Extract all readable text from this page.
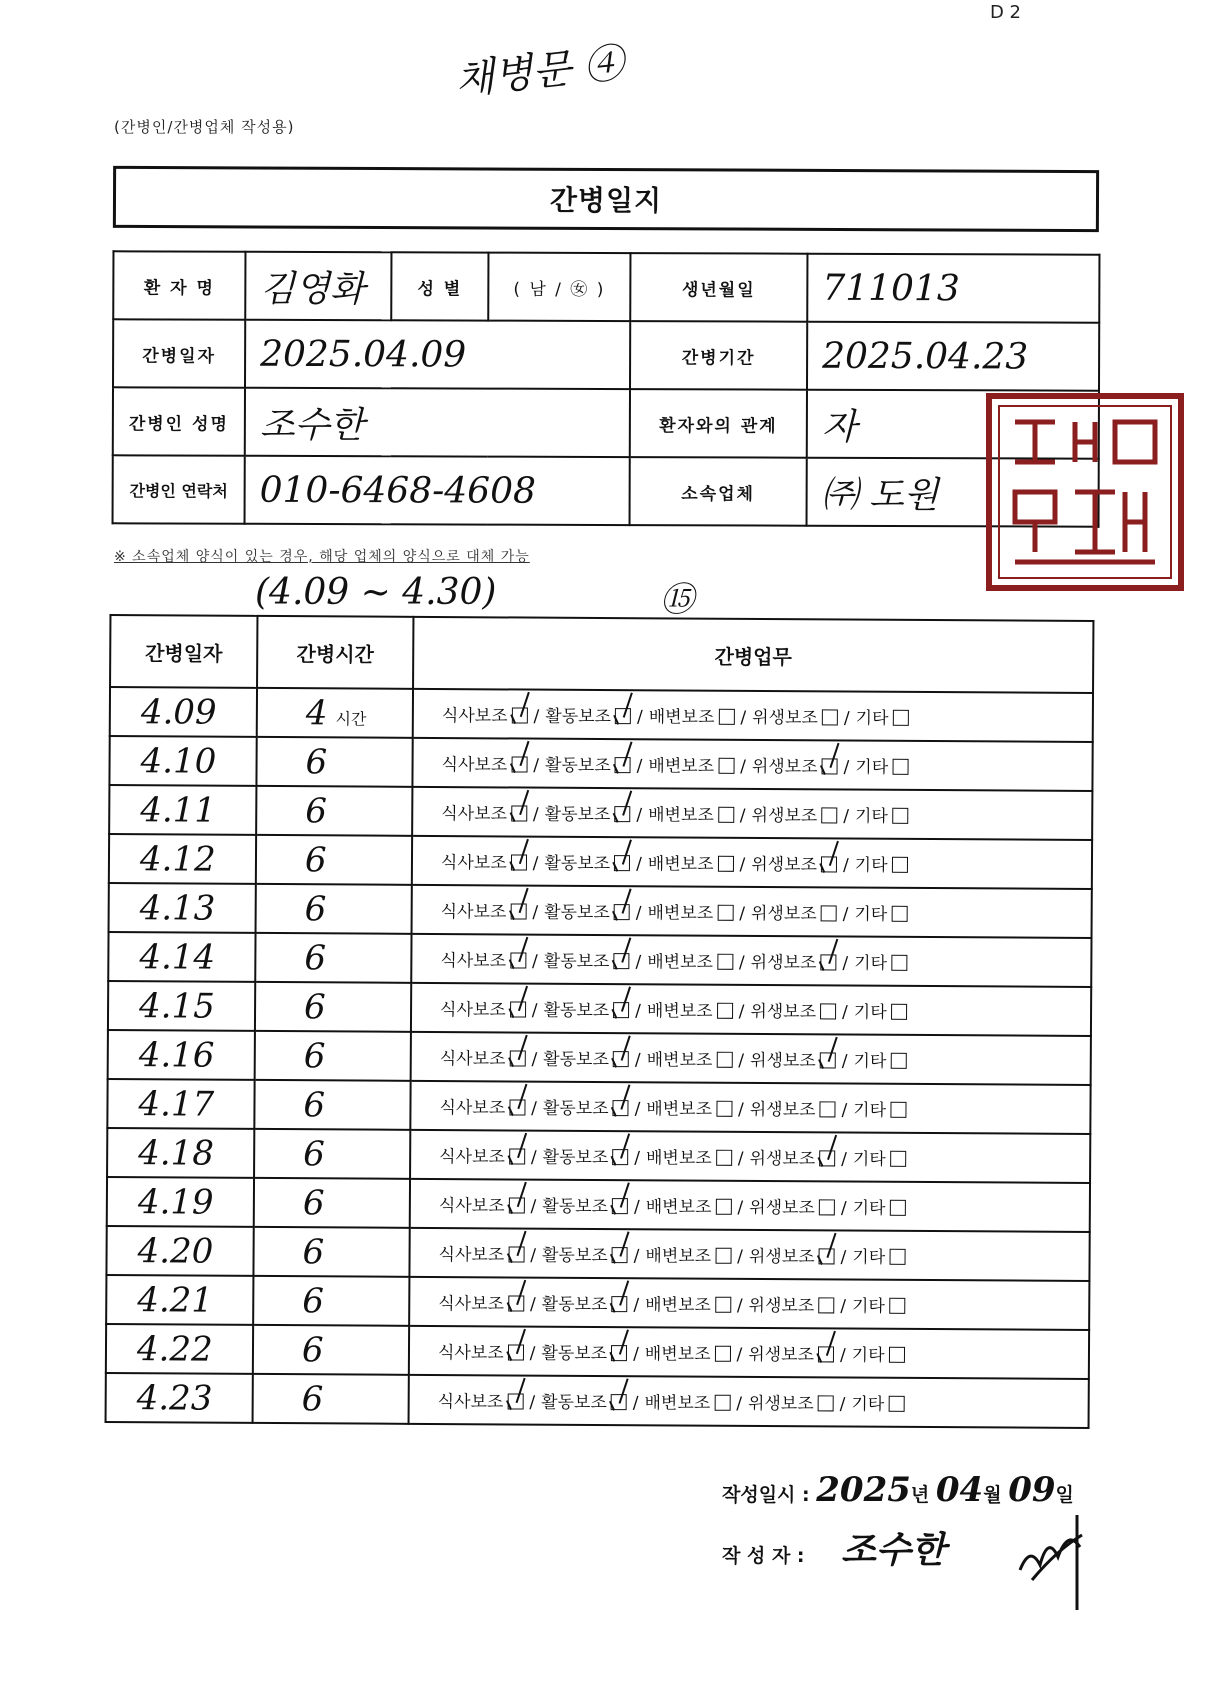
D 2
채병문 ④
(간병인/간병업체 작성용)
간병일지
환 자 명	김영화	성 별	( 남 / ㊛ )	생년월일	711013
간병일자	2025.04.09			간병기간	2025.04.23
간병인 성명	조수한			환자와의 관계	자
간병인 연락처	010-6468-4608			소속업체	㈜ 도원
※ 소속업체 양식이 있는 경우, 해당 업체의 양식으로 대체 가능
(4.09 ~ 4.30)	⑮
간병일자	간병시간	간병업무
4.09	4 시간	식사보조 / 활동보조 / 배변보조 / 위생보조 / 기타
4.10	6	식사보조 / 활동보조 / 배변보조 / 위생보조 / 기타
4.11	6	식사보조 / 활동보조 / 배변보조 / 위생보조 / 기타
4.12	6	식사보조 / 활동보조 / 배변보조 / 위생보조 / 기타
4.13	6	식사보조 / 활동보조 / 배변보조 / 위생보조 / 기타
4.14	6	식사보조 / 활동보조 / 배변보조 / 위생보조 / 기타
4.15	6	식사보조 / 활동보조 / 배변보조 / 위생보조 / 기타
4.16	6	식사보조 / 활동보조 / 배변보조 / 위생보조 / 기타
4.17	6	식사보조 / 활동보조 / 배변보조 / 위생보조 / 기타
4.18	6	식사보조 / 활동보조 / 배변보조 / 위생보조 / 기타
4.19	6	식사보조 / 활동보조 / 배변보조 / 위생보조 / 기타
4.20	6	식사보조 / 활동보조 / 배변보조 / 위생보조 / 기타
4.21	6	식사보조 / 활동보조 / 배변보조 / 위생보조 / 기타
4.22	6	식사보조 / 활동보조 / 배변보조 / 위생보조 / 기타
4.23	6	식사보조 / 활동보조 / 배변보조 / 위생보조 / 기타
작성일시 : 2025년 04월 09일
작 성 자 : 조수한
